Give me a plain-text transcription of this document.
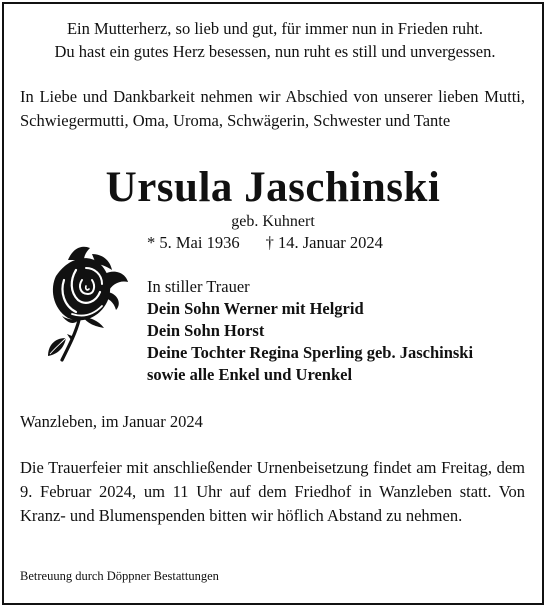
Ein Mutterherz, so lieb und gut, für immer nun in Frieden ruht.
Du hast ein gutes Herz besessen, nun ruht es still und unvergessen.

In Liebe und Dankbarkeit nehmen wir Abschied von unserer lieben Mutti, Schwiegermutti, Oma, Uroma, Schwägerin, Schwester und Tante

Ursula Jaschinski
geb. Kuhnert
* 5. Mai 1936 † 14. Januar 2024
In stiller Trauer
Dein Sohn Werner mit Helgrid
Dein Sohn Horst
Deine Tochter Regina Sperling geb. Jaschinski
sowie alle Enkel und Urenkel
Wanzleben, im Januar 2024

Die Trauerfeier mit anschließender Urnenbeisetzung findet am Freitag, dem 9. Februar 2024, um 11 Uhr auf dem Friedhof in Wanzleben statt. Von Kranz- und Blumenspenden bitten wir höflich Abstand zu nehmen.

Betreuung durch Döppner Bestattungen
